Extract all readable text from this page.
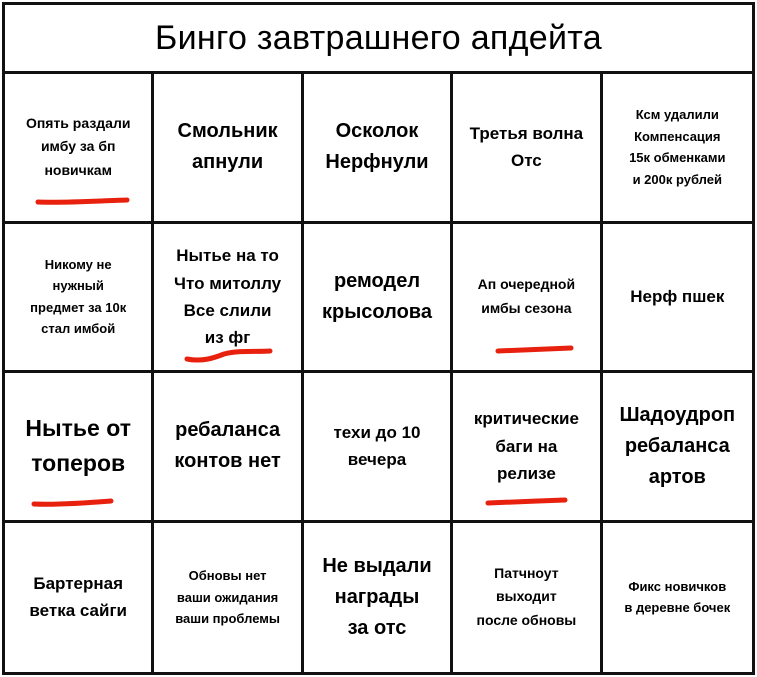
Бинго завтрашнего апдейта
Опять раздали
имбу за бп
новичкам
Смольник
апнули
Осколок
Нерфнули
Третья волна
Отс
Ксм удалили
Компенсация
15к обменками
и 200к рублей
Никому не
нужный
предмет за 10к
стал имбой
Нытье на то
Что митоллу
Все слили
из фг
ремодел
крысолова
Ап очередной
имбы сезона
Нерф пшек
Нытье от
топеров
ребаланса
контов нет
техи до 10
вечера
критические
баги на
релизе
Шадоудроп
ребаланса
артов
Бартерная
ветка сайги
Обновы нет
ваши ожидания
ваши проблемы
Не выдали
награды
за отс
Патчноут
выходит
после обновы
Фикс новичков
в деревне бочек
